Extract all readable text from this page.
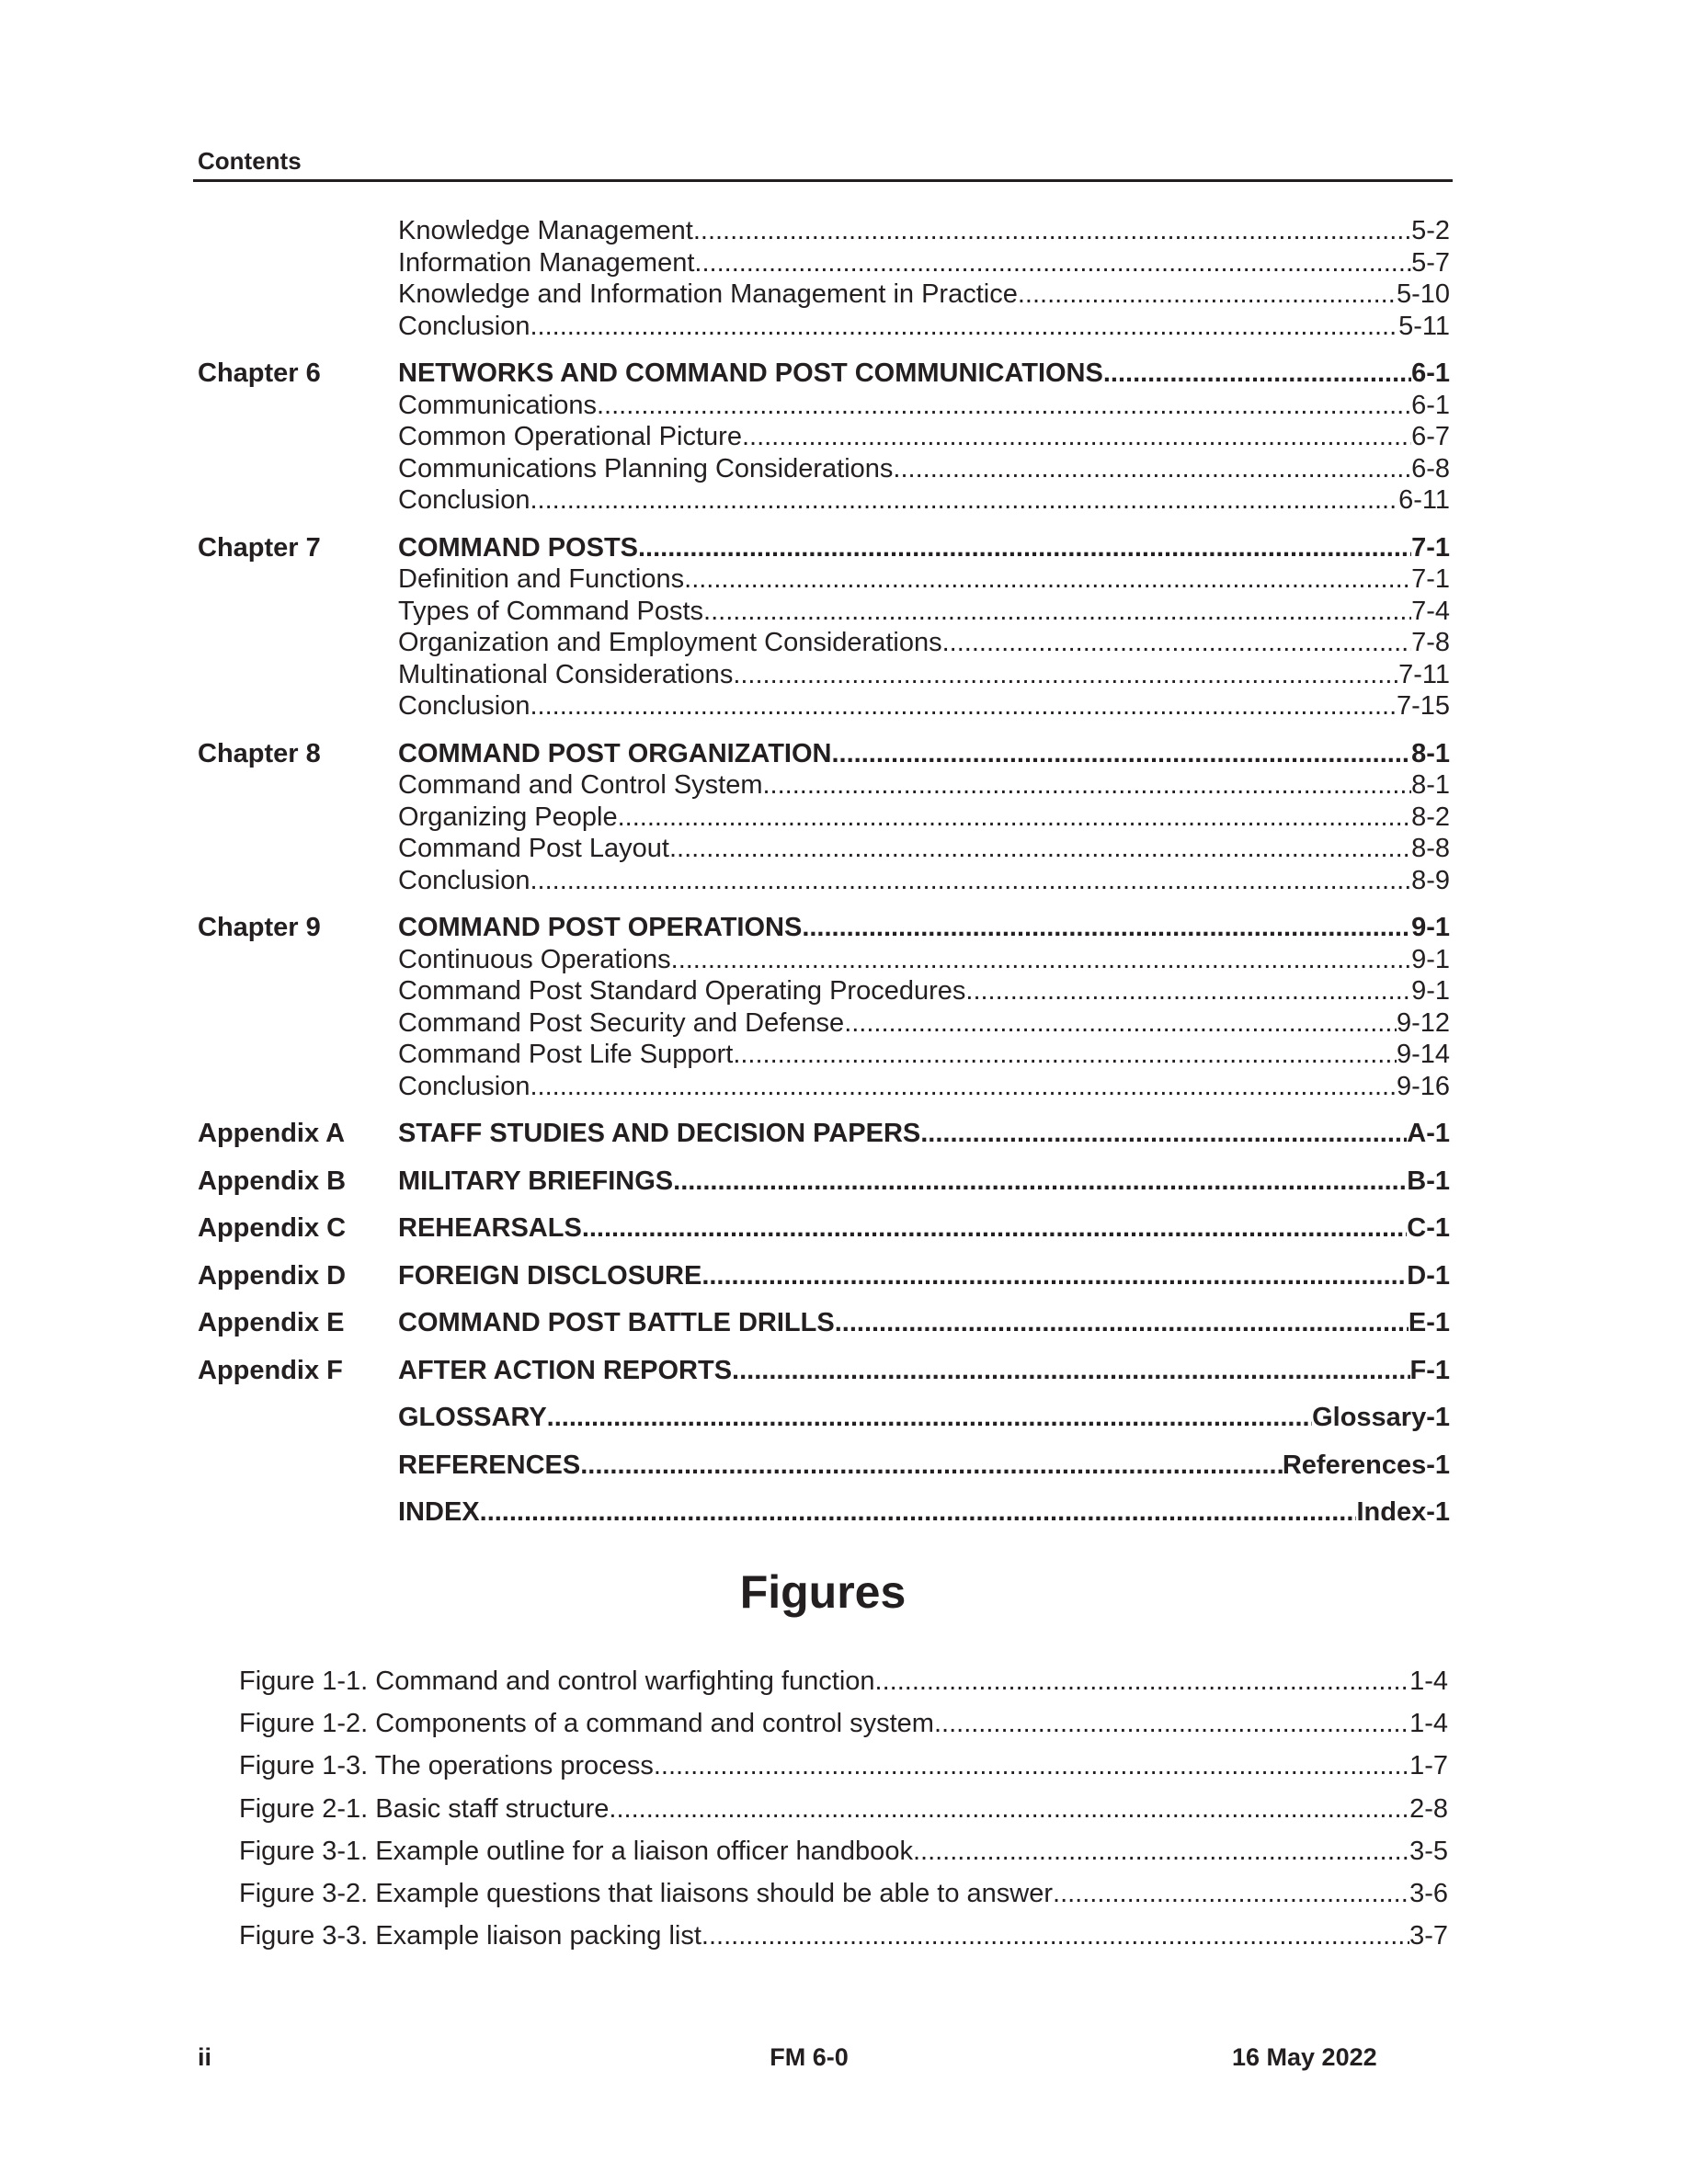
Contents
Knowledge Management .....	5-2
Information Management .....	5-7
Knowledge and Information Management in Practice .....	5-10
Conclusion .....	5-11
Chapter 6	NETWORKS AND COMMAND POST COMMUNICATIONS .....	6-1
Communications .....	6-1
Common Operational Picture .....	6-7
Communications Planning Considerations .....	6-8
Conclusion .....	6-11
Chapter 7	COMMAND POSTS .....	7-1
Definition and Functions .....	7-1
Types of Command Posts .....	7-4
Organization and Employment Considerations .....	7-8
Multinational Considerations .....	7-11
Conclusion .....	7-15
Chapter 8	COMMAND POST ORGANIZATION .....	8-1
Command and Control System .....	8-1
Organizing People .....	8-2
Command Post Layout .....	8-8
Conclusion .....	8-9
Chapter 9	COMMAND POST OPERATIONS .....	9-1
Continuous Operations .....	9-1
Command Post Standard Operating Procedures .....	9-1
Command Post Security and Defense .....	9-12
Command Post Life Support .....	9-14
Conclusion .....	9-16
Appendix A STAFF STUDIES AND DECISION PAPERS .....	A-1
Appendix B MILITARY BRIEFINGS .....	B-1
Appendix C REHEARSALS .....	C-1
Appendix D FOREIGN DISCLOSURE .....	D-1
Appendix E COMMAND POST BATTLE DRILLS .....	E-1
Appendix F AFTER ACTION REPORTS .....	F-1
GLOSSARY .....	Glossary-1
REFERENCES .....	References-1
INDEX .....	Index-1
Figures
Figure 1-1. Command and control warfighting function .....	1-4
Figure 1-2. Components of a command and control system .....	1-4
Figure 1-3. The operations process .....	1-7
Figure 2-1. Basic staff structure .....	2-8
Figure 3-1. Example outline for a liaison officer handbook .....	3-5
Figure 3-2. Example questions that liaisons should be able to answer .....	3-6
Figure 3-3. Example liaison packing list .....	3-7
ii	FM 6-0	16 May 2022
